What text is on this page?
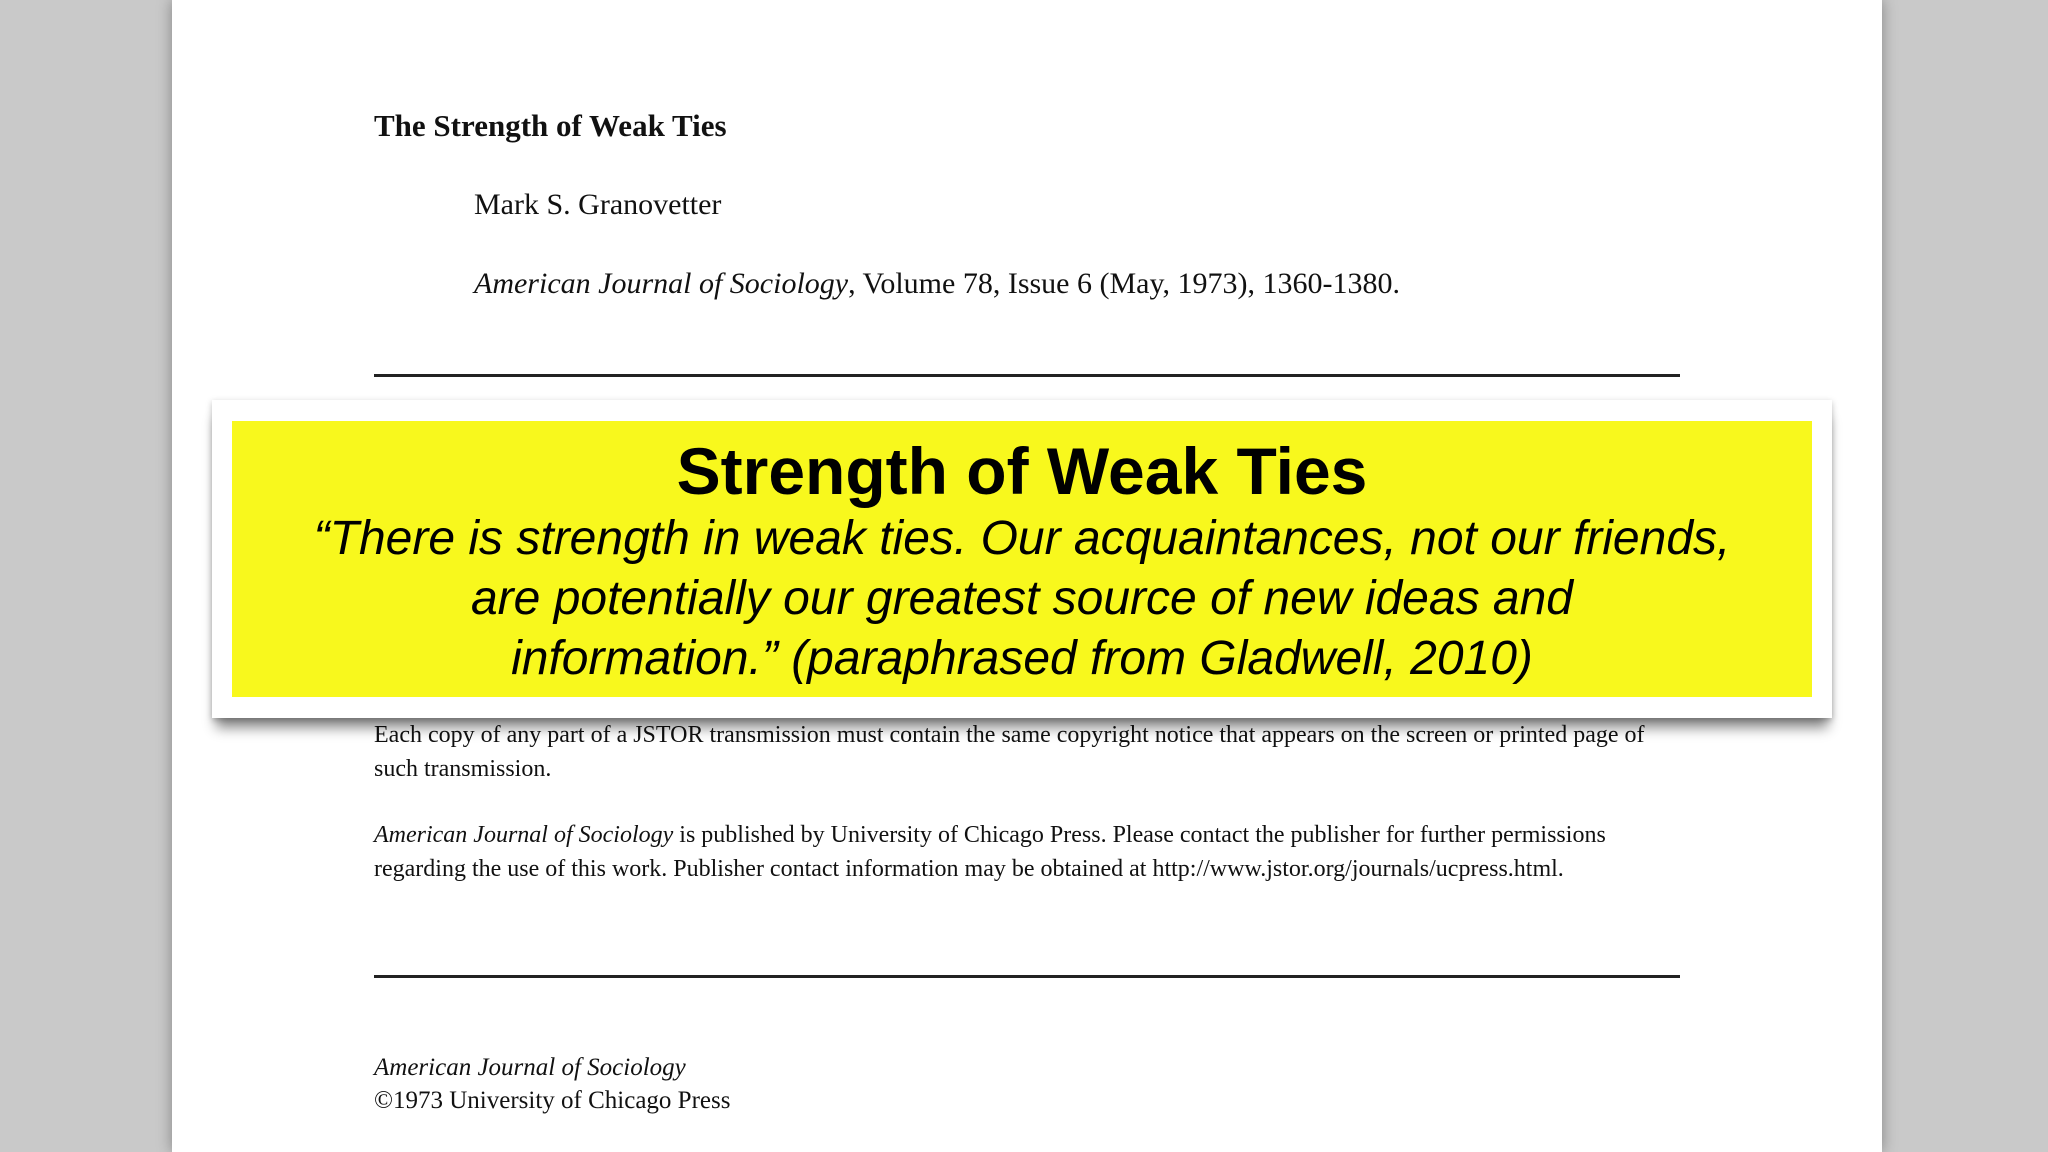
The Strength of Weak Ties
Mark S. Granovetter
American Journal of Sociology, Volume 78, Issue 6 (May, 1973), 1360-1380.
Each copy of any part of a JSTOR transmission must contain the same copyright notice that appears on the screen or printed page of such transmission.
American Journal of Sociology is published by University of Chicago Press. Please contact the publisher for further permissions regarding the use of this work. Publisher contact information may be obtained at http://www.jstor.org/journals/ucpress.html.
American Journal of Sociology
©1973 University of Chicago Press
Strength of Weak Ties
“There is strength in weak ties. Our acquaintances, not our friends,
are potentially our greatest source of new ideas and
information.” (paraphrased from Gladwell, 2010)
